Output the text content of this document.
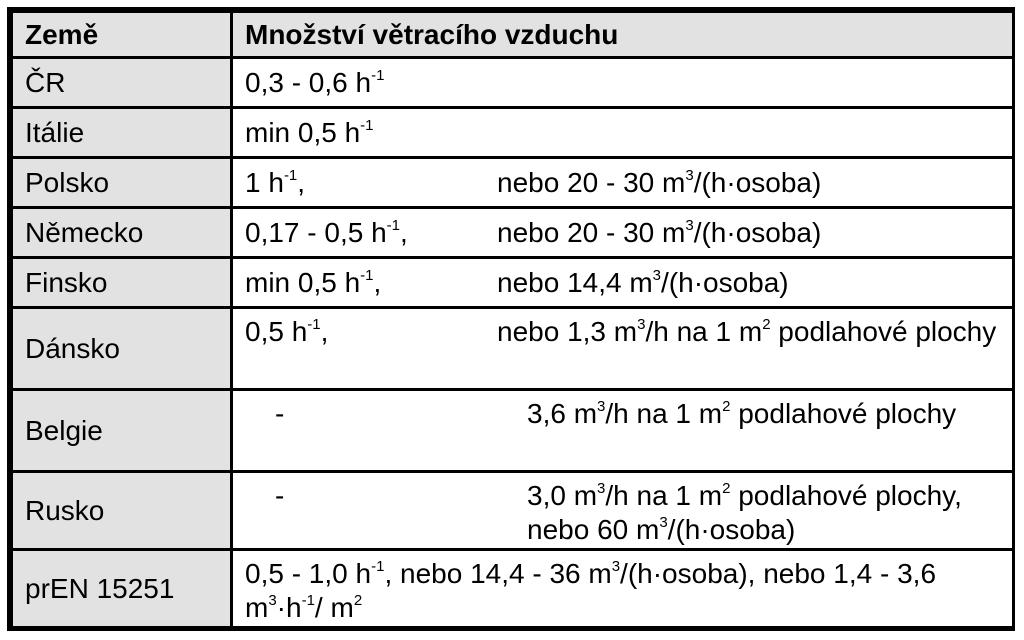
Země	Množství větracího vzduchu
ČR	0,3 - 0,6 $h^{-1}$
Itálie	min 0,5 $h^{-1}$
Polsko	1 $h^{-1}$, nebo 20 - 30 $m^3/(h\cdot osoba)$

Německo	0,17 - 0,5 $h^{-1}$, nebo 20 - 30 $m^3/(h\cdot osoba)$

Finsko	min 0,5 $h^{-1}$, nebo 14,4 $m^3/(h\cdot osoba)$

Dánsko	0,5 $h^{-1}$, nebo 1,3 $m^3/h$ na 1 $m^2$ podlahové plochy

Belgie	- 3,6 $m^3/h$ na 1 $m^2$ podlahové plochy

Rusko	- 3,0 $m^3/h$ na 1 $m^2$ podlahové plochy, nebo 60 $m^3/(h\cdot osoba)$

prEN 15251	0,5 - 1,0 $h^{-1}$, nebo 14,4 - 36 $m^3/(h\cdot osoba)$, nebo 1,4 - 3,6 $m^3\cdot h^{-1}/$ $m^2$
